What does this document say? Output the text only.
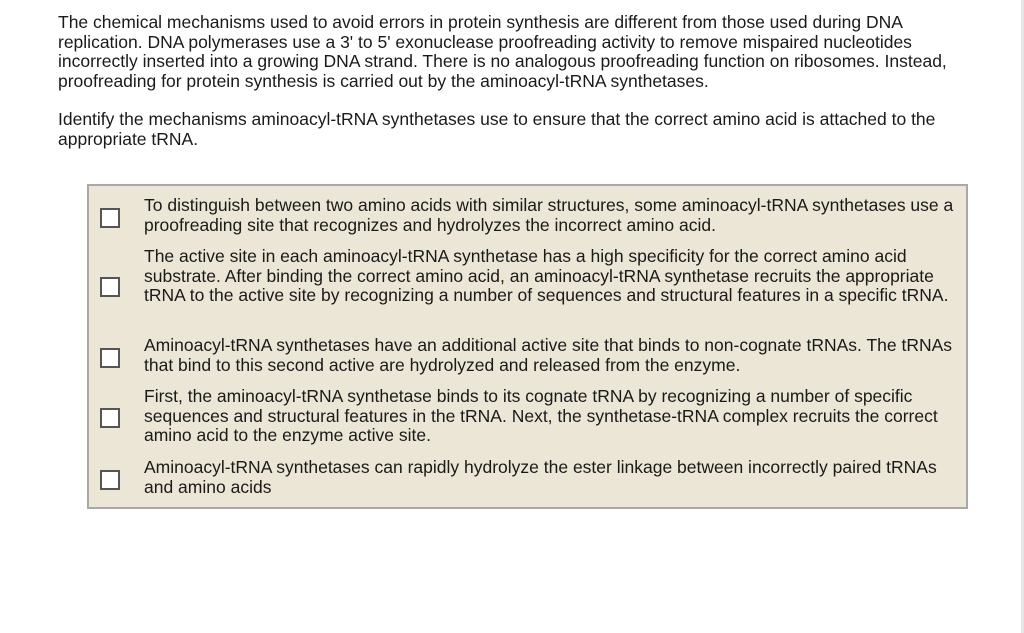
The chemical mechanisms used to avoid errors in protein synthesis are different from those used during DNA replication. DNA polymerases use a 3' to 5' exonuclease proofreading activity to remove mispaired nucleotides incorrectly inserted into a growing DNA strand. There is no analogous proofreading function on ribosomes. Instead, proofreading for protein synthesis is carried out by the aminoacyl-tRNA synthetases.

Identify the mechanisms aminoacyl-tRNA synthetases use to ensure that the correct amino acid is attached to the appropriate tRNA.

To distinguish between two amino acids with similar structures, some aminoacyl-tRNA synthetases use a proofreading site that recognizes and hydrolyzes the incorrect amino acid.
The active site in each aminoacyl-tRNA synthetase has a high specificity for the correct amino acid substrate. After binding the correct amino acid, an aminoacyl-tRNA synthetase recruits the appropriate tRNA to the active site by recognizing a number of sequences and structural features in a specific tRNA.
Aminoacyl-tRNA synthetases have an additional active site that binds to non-cognate tRNAs. The tRNAs that bind to this second active are hydrolyzed and released from the enzyme.
First, the aminoacyl-tRNA synthetase binds to its cognate tRNA by recognizing a number of specific sequences and structural features in the tRNA. Next, the synthetase-tRNA complex recruits the correct amino acid to the enzyme active site.
Aminoacyl-tRNA synthetases can rapidly hydrolyze the ester linkage between incorrectly paired tRNAs and amino acids
